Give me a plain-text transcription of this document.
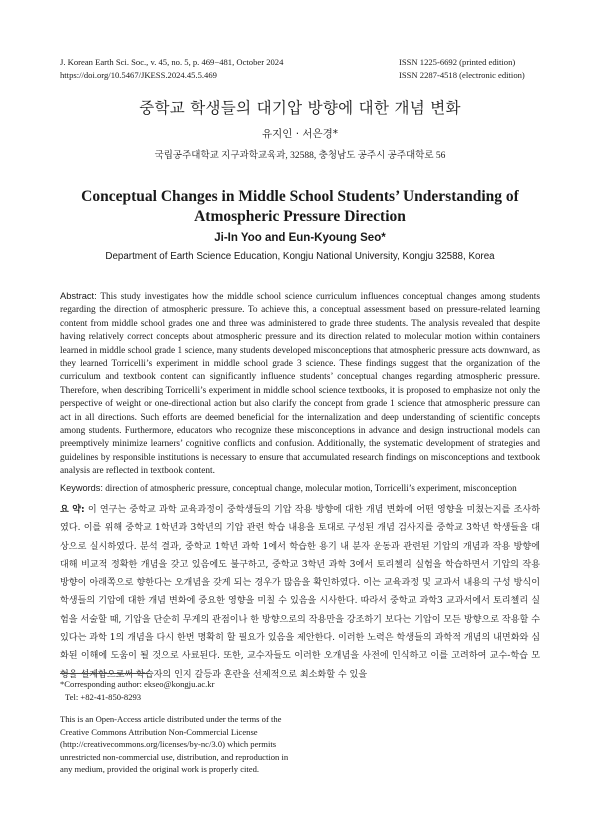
J. Korean Earth Sci. Soc., v. 45, no. 5, p. 469−481, October 2024
https://doi.org/10.5467/JKESS.2024.45.5.469
ISSN 1225-6692 (printed edition)
ISSN 2287-4518 (electronic edition)
중학교 학생들의 대기압 방향에 대한 개념 변화
유지인 · 서은경*
국립공주대학교 지구과학교육과, 32588, 충청남도 공주시 공주대학로 56
Conceptual Changes in Middle School Students’ Understanding of Atmospheric Pressure Direction
Ji-In Yoo and Eun-Kyoung Seo*
Department of Earth Science Education, Kongju National University, Kongju 32588, Korea
Abstract: This study investigates how the middle school science curriculum influences conceptual changes among students regarding the direction of atmospheric pressure. To achieve this, a conceptual assessment based on pressure-related learning content from middle school grades one and three was administered to grade three students. The analysis revealed that despite having relatively correct concepts about atmospheric pressure and its direction related to molecular motion within containers learned in middle school grade 1 science, many students developed misconceptions that atmospheric pressure acts downward, as they learned Torricelli’s experiment in middle school grade 3 science. These findings suggest that the organization of the curriculum and textbook content can significantly influence students’ conceptual changes regarding atmospheric pressure. Therefore, when describing Torricelli’s experiment in middle school science textbooks, it is proposed to emphasize not only the perspective of weight or one-directional action but also clarify the concept from grade 1 science that atmospheric pressure can act in all directions. Such efforts are deemed beneficial for the internalization and deep understanding of scientific concepts among students. Furthermore, educators who recognize these misconceptions in advance and design instructional models can preemptively minimize learners’ cognitive conflicts and confusion. Additionally, the systematic development of strategies and guidelines by responsible institutions is necessary to ensure that accumulated research findings on misconceptions and textbook analysis are reflected in textbook content.
Keywords: direction of atmospheric pressure, conceptual change, molecular motion, Torricelli’s experiment, misconception
요 약: 이 연구는 중학교 과학 교육과정이 중학생들의 기압 작용 방향에 대한 개념 변화에 어떤 영향을 미쳤는지를 조사하였다. 이를 위해 중학교 1학년과 3학년의 기압 관련 학습 내용을 토대로 구성된 개념 검사지를 중학교 3학년 학생들을 대상으로 실시하였다. 분석 결과, 중학교 1학년 과학 1에서 학습한 용기 내 분자 운동과 관련된 기압의 개념과 작용 방향에 대해 비교적 정확한 개념을 갖고 있음에도 불구하고, 중학교 3학년 과학 3에서 토리첼리 실험을 학습하면서 기압의 작용 방향이 아래쪽으로 향한다는 오개념을 갖게 되는 경우가 많음을 확인하였다. 이는 교육과정 및 교과서 내용의 구성 방식이 학생들의 기압에 대한 개념 변화에 중요한 영향을 미칠 수 있음을 시사한다. 따라서 중학교 과학3 교과서에서 토리첼리 실험을 서술할 때, 기압을 단순히 무게의 관점이나 한 방향으로의 작용만을 강조하기 보다는 기압이 모든 방향으로 작용할 수 있다는 과학 1의 개념을 다시 한번 명확히 할 필요가 있음을 제안한다. 이러한 노력은 학생들의 과학적 개념의 내면화와 심화된 이해에 도움이 될 것으로 사료된다. 또한, 교수자들도 이러한 오개념을 사전에 인식하고 이를 고려하여 교수-학습 모형을 설계함으로써 학습자의 인지 갈등과 혼란을 선제적으로 최소화할 수 있을
*Corresponding author: ekseo@kongju.ac.kr
Tel: +82-41-850-8293
This is an Open-Access article distributed under the terms of the Creative Commons Attribution Non-Commercial License (http://creativecommons.org/licenses/by-nc/3.0) which permits unrestricted non-commercial use, distribution, and reproduction in any medium, provided the original work is properly cited.
